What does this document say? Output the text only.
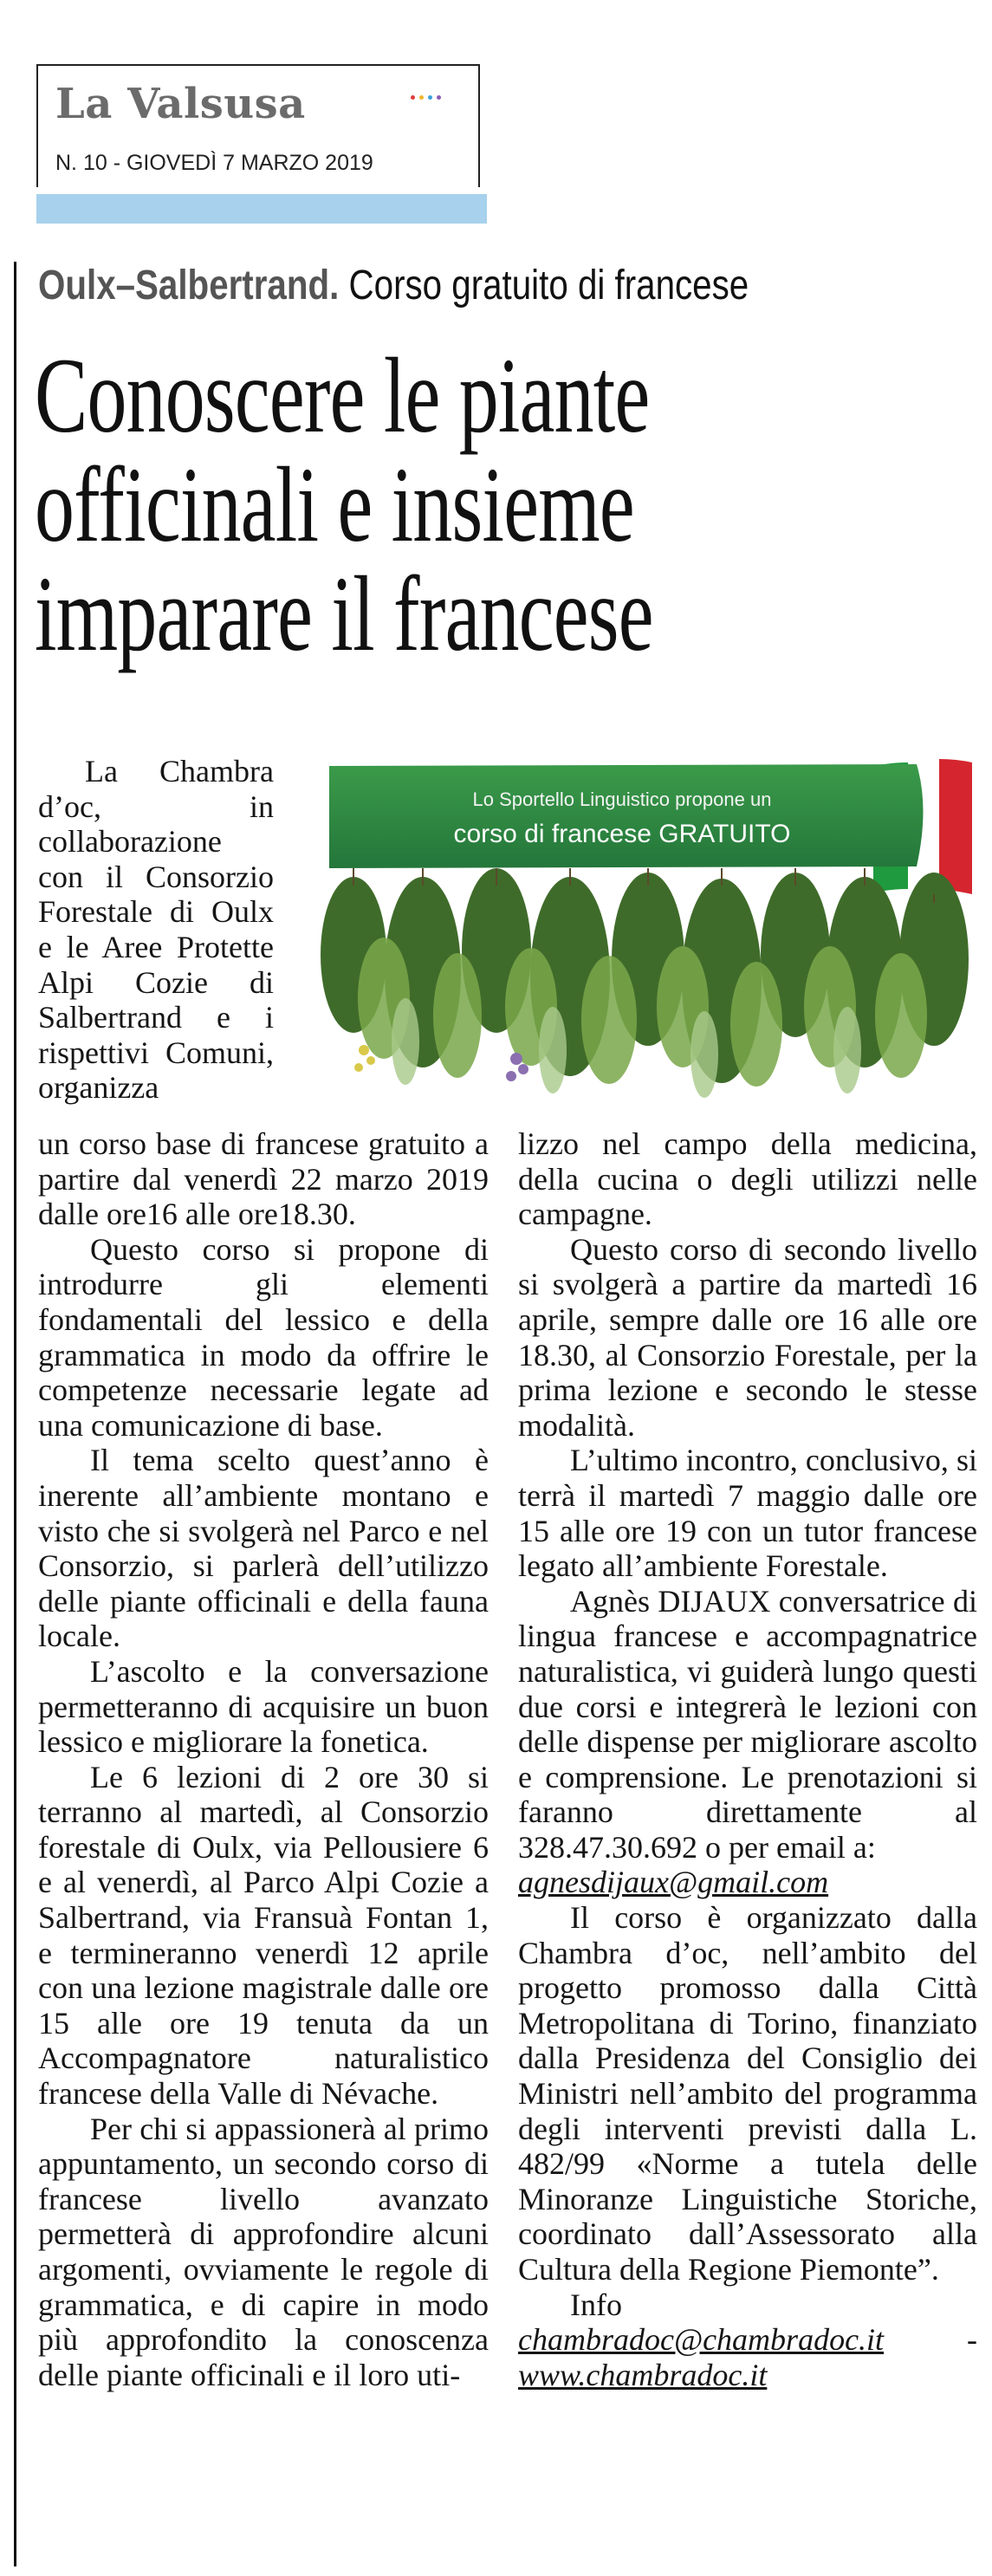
La Valsusa
N. 10 - GIOVEDÌ 7 MARZO 2019
Oulx–Salbertrand. Corso gratuito di francese
Conoscere le piante
officinali e insieme
imparare il francese

La Chambra d’oc, in collaborazione con il Consorzio Forestale di Oulx e le Aree Protette Alpi Cozie di Salbertrand e i rispettivi Comuni, organizza

Lo Sportello Linguistico propone un
corso di francese GRATUITO

un corso base di francese gratuito a partire dal venerdì 22 marzo 2019 dalle ore16 alle ore18.30.

Questo corso si propone di introdurre gli elementi fondamentali del lessico e della grammatica in modo da offrire le competenze necessarie legate ad una comunicazione di base.

Il tema scelto quest’anno è inerente all’ambiente montano e visto che si svolgerà nel Parco e nel Consorzio, si parlerà dell’utilizzo delle piante officinali e della fauna locale.

L’ascolto e la conversazione permetteranno di acquisire un buon lessico e migliorare la fonetica.

Le 6 lezioni di 2 ore 30 si terranno al martedì, al Consorzio forestale di Oulx, via Pellousiere 6 e al venerdì, al Parco Alpi Cozie a Salbertrand, via Fransuà Fontan 1, e termineranno venerdì 12 aprile con una lezione magistrale dalle ore 15 alle ore 19 tenuta da un Accompagnatore naturalistico francese della Valle di Névache.

Per chi si appassionerà al primo appuntamento, un secondo corso di francese livello avanzato permetterà di approfondire alcuni argomenti, ovviamente le regole di grammatica, e di capire in modo più approfondito la conoscenza delle piante officinali e il loro uti-

lizzo nel campo della medicina, della cucina o degli utilizzi nelle campagne.

Questo corso di secondo livello si svolgerà a partire da martedì 16 aprile, sempre dalle ore 16 alle ore 18.30, al Consorzio Forestale, per la prima lezione e secondo le stesse modalità.

L’ultimo incontro, conclusivo, si terrà il martedì 7 maggio dalle ore 15 alle ore 19 con un tutor francese legato all’ambiente Forestale.

Agnès DIJAUX conversatrice di lingua francese e accompagnatrice naturalistica, vi guiderà lungo questi due corsi e integrerà le lezioni con delle dispense per migliorare ascolto e comprensione. Le prenotazioni si faranno direttamente al 328.47.30.692 o per email a:

agnesdijaux@gmail.com

Il corso è organizzato dalla Chambra d’oc, nell’ambito del progetto promosso dalla Città Metropolitana di Torino, finanziato dalla Presidenza del Consiglio dei Ministri nell’ambito del programma degli interventi previsti dalla L. 482/99 «Norme a tutela delle Minoranze Linguistiche Storiche, coordinato dall’Assessorato alla Cultura della Regione Piemonte”.

Info chambradoc@chambradoc.it	- www.chambradoc.it
